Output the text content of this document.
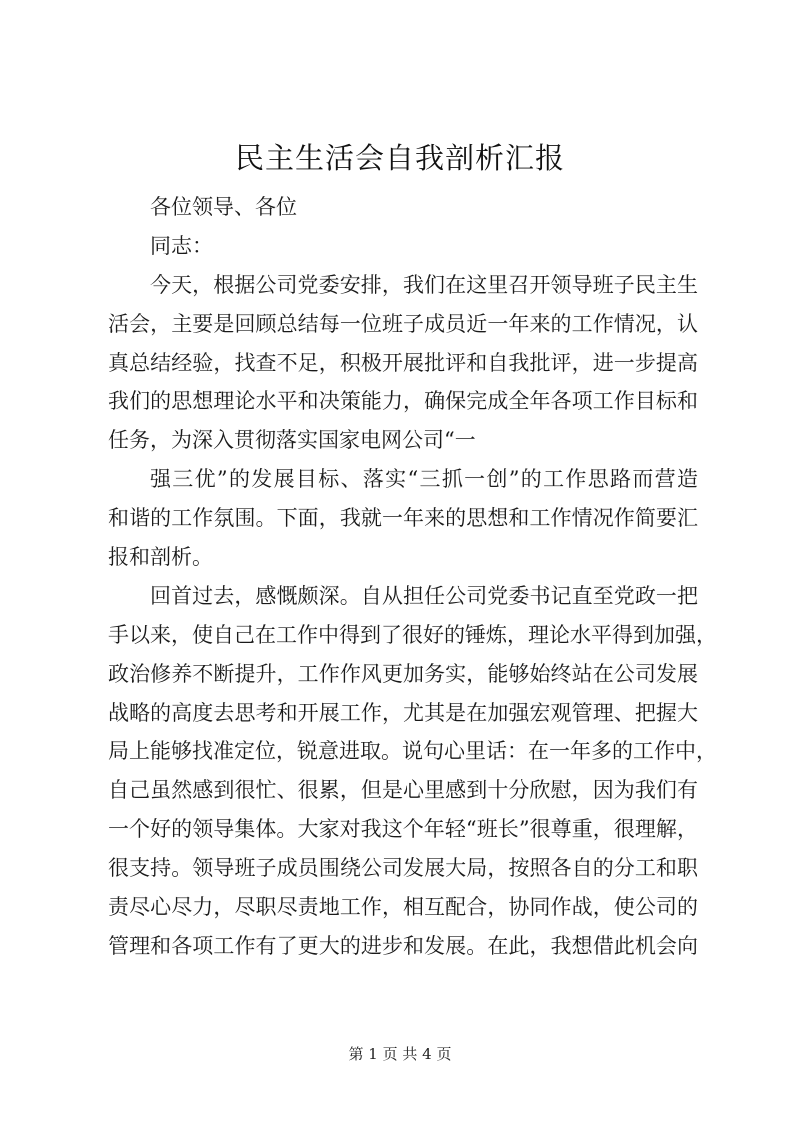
民主生活会自我剖析汇报
各位领导、各位
同志：
今天，根据公司党委安排，我们在这里召开领导班子民主生
活会，主要是回顾总结每一位班子成员近一年来的工作情况，认
真总结经验，找查不足，积极开展批评和自我批评，进一步提高
我们的思想理论水平和决策能力，确保完成全年各项工作目标和
任务，为深入贯彻落实国家电网公司“一
强三优”的发展目标、落实“三抓一创”的工作思路而营造
和谐的工作氛围。下面，我就一年来的思想和工作情况作简要汇
报和剖析。
回首过去，感慨颇深。自从担任公司党委书记直至党政一把
手以来，使自己在工作中得到了很好的锤炼，理论水平得到加强，
政治修养不断提升，工作作风更加务实，能够始终站在公司发展
战略的高度去思考和开展工作，尤其是在加强宏观管理、把握大
局上能够找准定位，锐意进取。说句心里话：在一年多的工作中，
自己虽然感到很忙、很累，但是心里感到十分欣慰，因为我们有
一个好的领导集体。大家对我这个年轻“班长”很尊重，很理解，
很支持。领导班子成员围绕公司发展大局，按照各自的分工和职
责尽心尽力，尽职尽责地工作，相互配合，协同作战，使公司的
管理和各项工作有了更大的进步和发展。在此，我想借此机会向
第 1 页 共 4 页
